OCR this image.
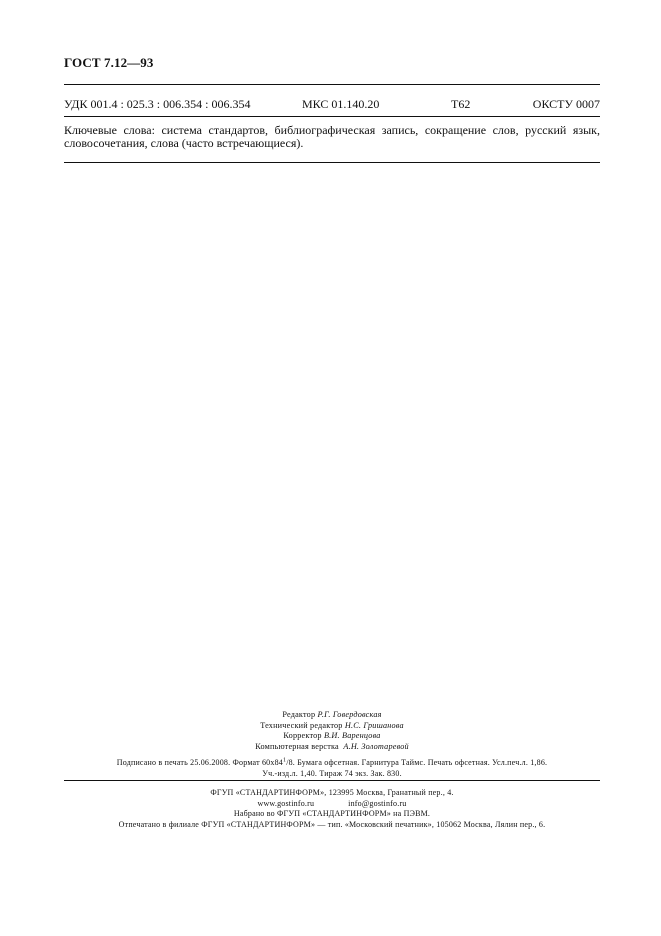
ГОСТ 7.12—93
УДК 001.4 : 025.3 : 006.354 : 006.354	МКС 01.140.20	Т62	ОКСТУ 0007
Ключевые слова: система стандартов, библиографическая запись, сокращение слов, русский язык, словосочетания, слова (часто встречающиеся).
Редактор Р.Г. Говердовская
Технический редактор Н.С. Гришанова
Корректор В.И. Варенцова
Компьютерная верстка А.Н. Золотаревой
Подписано в печать 25.06.2008. Формат $60x84^1/8$. Бумага офсетная. Гарнитура Таймс. Печать офсетная. Усл.печ.л. 1,86.
Уч.-изд.л. 1,40. Тираж 74 экз. Зак. 830.
ФГУП «СТАНДАРТИНФОРМ», 123995 Москва, Гранатный пер., 4.
www.gostinfo.ru	info@gostinfo.ru
Набрано во ФГУП «СТАНДАРТИНФОРМ» на ПЭВМ.
Отпечатано в филиале ФГУП «СТАНДАРТИНФОРМ» — тип. «Московский печатник», 105062 Москва, Лялин пер., 6.
